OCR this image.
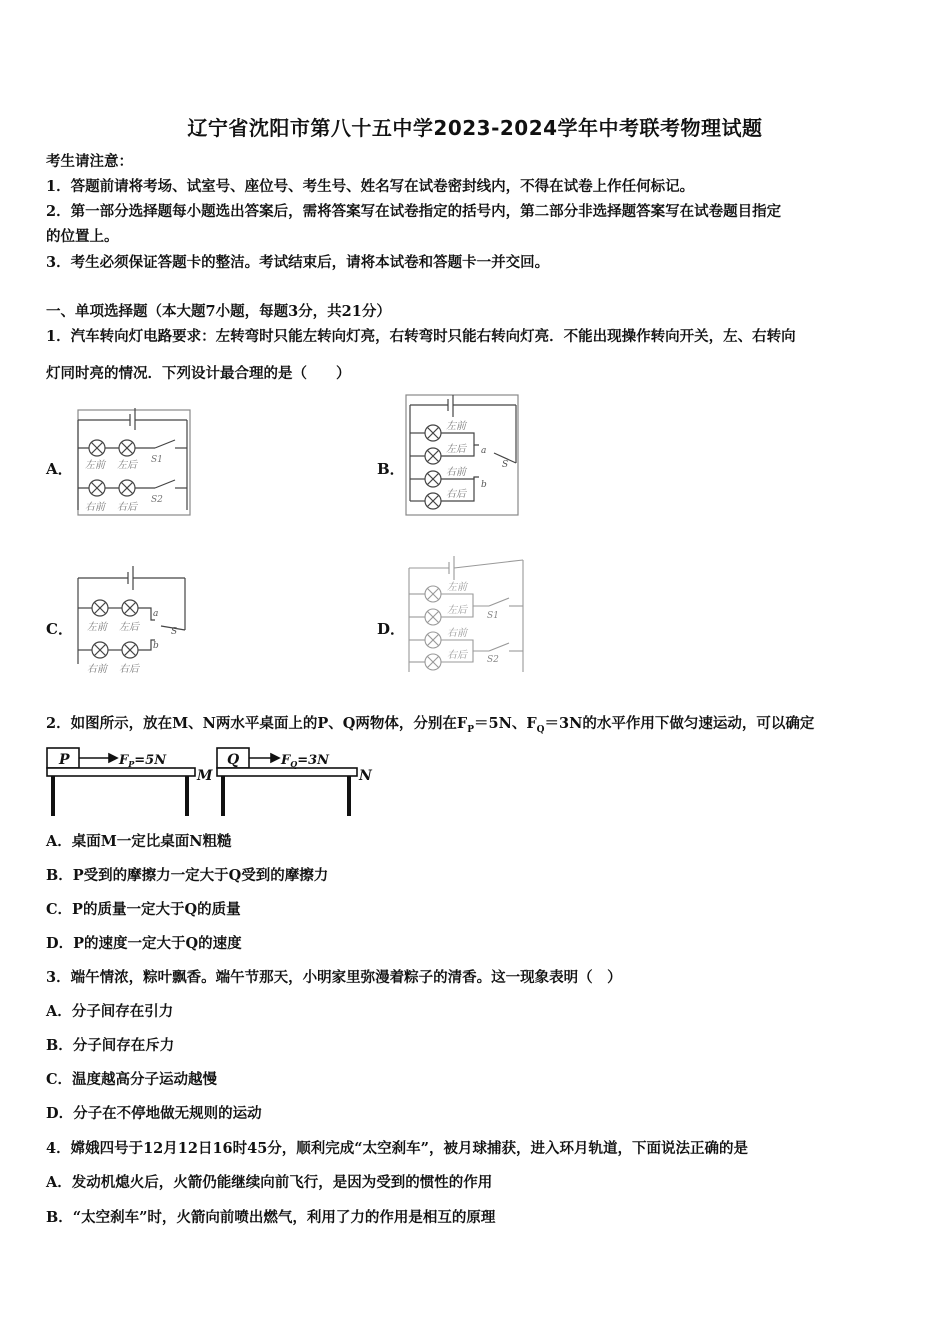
辽宁省沈阳市第八十五中学2023-2024学年中考联考物理试题
考生请注意：
1．答题前请将考场、试室号、座位号、考生号、姓名写在试卷密封线内，不得在试卷上作任何标记。
2．第一部分选择题每小题选出答案后，需将答案写在试卷指定的括号内，第二部分非选择题答案写在试卷题目指定
的位置上。
3．考生必须保证答题卡的整洁。考试结束后，请将本试卷和答题卡一并交回。
一、单项选择题（本大题7小题，每题3分，共21分）
1．汽车转向灯电路要求：左转弯时只能左转向灯亮，右转弯时只能右转向灯亮．不能出现操作转向开关，左、右转向
灯同时亮的情况．下列设计最合理的是（　　）
A． 左前 左后
右前 右后
S1
S2
B．
左前
左后
右前
右后
a
b
S
C． 左前 左后
右前 右后
a
b
S	D．
左前
左后
右前
右后
S1
S2
2．如图所示，放在M、N两水平桌面上的P、Q两物体，分别在$F_P=5N$、$F_Q=3N$的水平作用下做匀速运动，可以确定
P	$F_P=5N$
M
Q	$F_Q=3N$
N
A．桌面M一定比桌面N粗糙
B．P受到的摩擦力一定大于Q受到的摩擦力
C．P的质量一定大于Q的质量
D．P的速度一定大于Q的速度
3．端午情浓，粽叶飘香。端午节那天，小明家里弥漫着粽子的清香。这一现象表明（　）
A．分子间存在引力
B．分子间存在斥力
C．温度越高分子运动越慢
D．分子在不停地做无规则的运动
4．嫦娥四号于12月12日16时45分，顺利完成“太空刹车”，被月球捕获，进入环月轨道，下面说法正确的是
A．发动机熄火后，火箭仍能继续向前飞行，是因为受到的惯性的作用
B．“太空刹车”时，火箭向前喷出燃气，利用了力的作用是相互的原理
